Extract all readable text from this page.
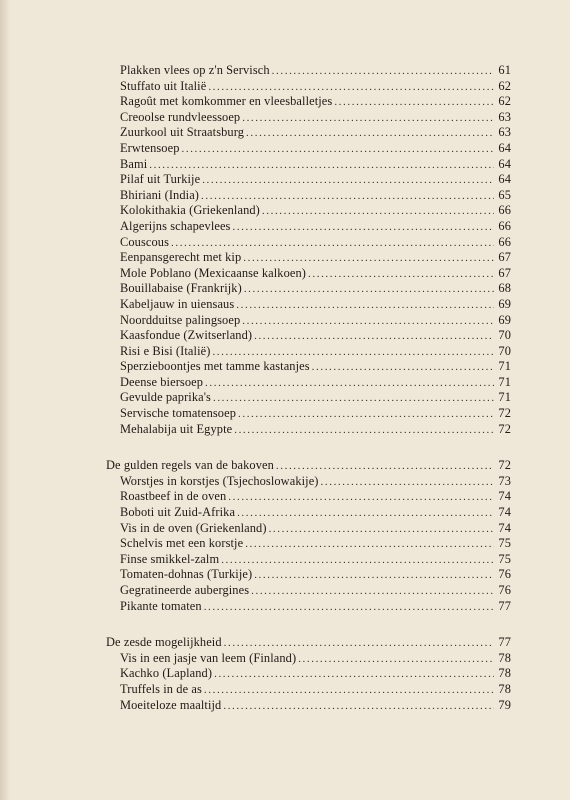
Plakken vlees op z'n Servisch .....	61
Stuffato uit Italië .....	62
Ragoût met komkommer en vleesballetjes .....	62
Creoolse rundvleessoep .....	63
Zuurkool uit Straatsburg .....	63
Erwtensoep .....	64
Bami .....	64
Pilaf uit Turkije .....	64
Bhiriani (India) .....	65
Kolokithakia (Griekenland) .....	66
Algerijns schapevlees .....	66
Couscous .....	66
Eenpansgerecht met kip .....	67
Mole Poblano (Mexicaanse kalkoen) .....	67
Bouillabaise (Frankrijk) .....	68
Kabeljauw in uiensaus .....	69
Noordduitse palingsoep .....	69
Kaasfondue (Zwitserland) .....	70
Risi e Bisi (Italië) .....	70
Sperzieboontjes met tamme kastanjes .....	71
Deense biersoep .....	71
Gevulde paprika's .....	71
Servische tomatensoep .....	72
Mehalabija uit Egypte .....	72
De gulden regels van de bakoven .....	72
Worstjes in korstjes (Tsjechoslowakije) .....	73
Roastbeef in de oven .....	74
Boboti uit Zuid-Afrika .....	74
Vis in de oven (Griekenland) .....	74
Schelvis met een korstje .....	75
Finse smikkel-zalm .....	75
Tomaten-dohnas (Turkije) .....	76
Gegratineerde aubergines .....	76
Pikante tomaten .....	77
De zesde mogelijkheid .....	77
Vis in een jasje van leem (Finland) .....	78
Kachko (Lapland) .....	78
Truffels in de as .....	78
Moeiteloze maaltijd .....	79
